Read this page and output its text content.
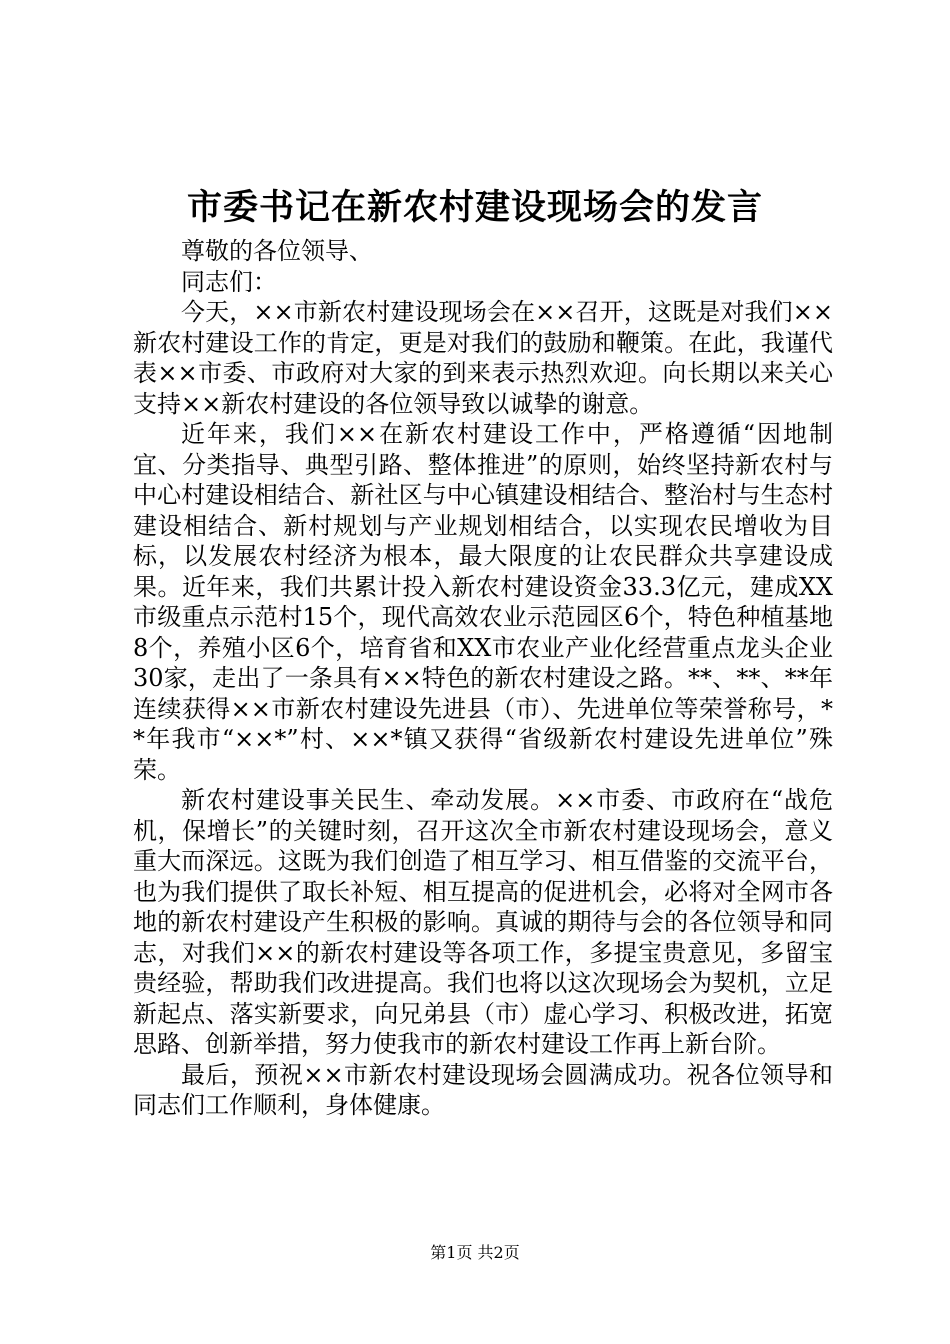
市委书记在新农村建设现场会的发言

尊敬的各位领导、

同志们：

今天，××市新农村建设现场会在××召开，这既是对我们××新农村建设工作的肯定，更是对我们的鼓励和鞭策。在此，我谨代表××市委、市政府对大家的到来表示热烈欢迎。向长期以来关心支持××新农村建设的各位领导致以诚挚的谢意。

近年来，我们××在新农村建设工作中，严格遵循“因地制宜、分类指导、典型引路、整体推进”的原则，始终坚持新农村与中心村建设相结合、新社区与中心镇建设相结合、整治村与生态村建设相结合、新村规划与产业规划相结合，以实现农民增收为目标，以发展农村经济为根本，最大限度的让农民群众共享建设成果。近年来，我们共累计投入新农村建设资金33.3亿元，建成XX市级重点示范村15个，现代高效农业示范园区6个，特色种植基地8个，养殖小区6个，培育省和XX市农业产业化经营重点龙头企业30家，走出了一条具有××特色的新农村建设之路。**、**、**年连续获得××市新农村建设先进县（市）、先进单位等荣誉称号，**年我市“××*”村、××*镇又获得“省级新农村建设先进单位”殊荣。

新农村建设事关民生、牵动发展。××市委、市政府在“战危机，保增长”的关键时刻，召开这次全市新农村建设现场会，意义重大而深远。这既为我们创造了相互学习、相互借鉴的交流平台，也为我们提供了取长补短、相互提高的促进机会，必将对全网市各地的新农村建设产生积极的影响。真诚的期待与会的各位领导和同志，对我们××的新农村建设等各项工作，多提宝贵意见，多留宝贵经验，帮助我们改进提高。我们也将以这次现场会为契机，立足新起点、落实新要求，向兄弟县（市）虚心学习、积极改进，拓宽思路、创新举措，努力使我市的新农村建设工作再上新台阶。

最后，预祝××市新农村建设现场会圆满成功。祝各位领导和同志们工作顺利，身体健康。

第1页 共2页
